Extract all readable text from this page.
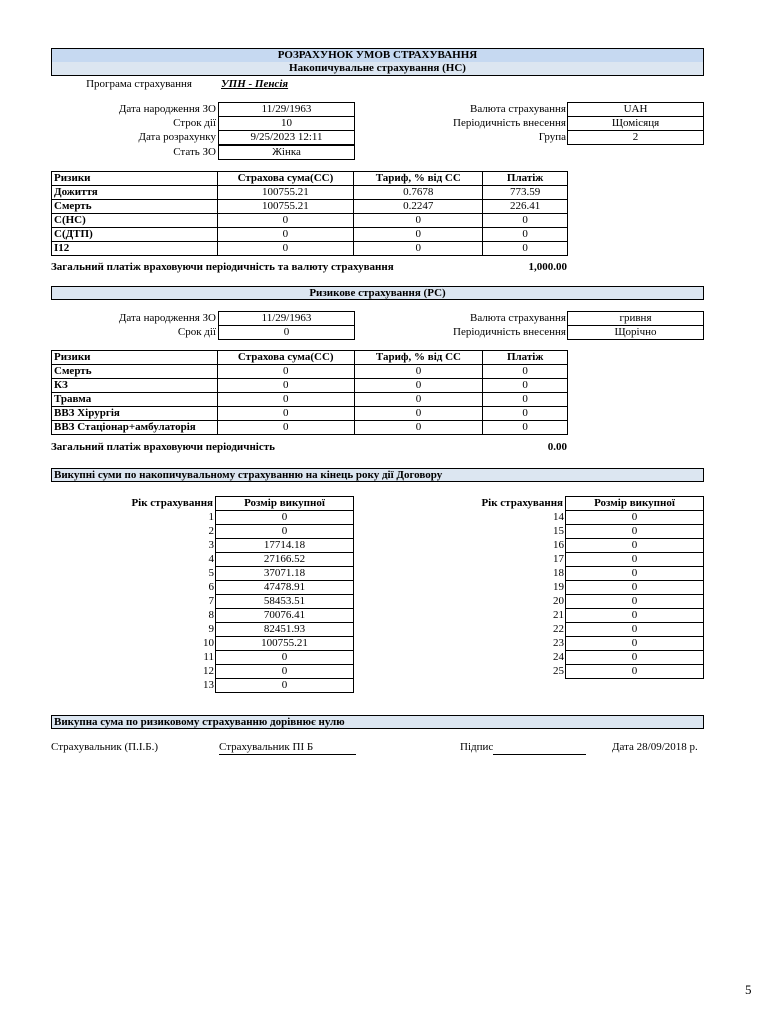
РОЗРАХУНОК УМОВ СТРАХУВАННЯ
Накопичувальне страхування (НС)
Програма страхування	УПН - Пенсія
Дата народження ЗО	11/29/1963
Строк дії	10
Дата розрахунку	9/25/2023 12:11
Стать ЗО	Жінка
Валюта страхування	UAH
Періодичність внесення	Щомісяця
Група	2
Ризики	Страхова сума(СС)	Тариф, % від СС	Платіж
Дожиття	100755.21	0.7678	773.59
Смерть	100755.21	0.2247	226.41
С(НС)	0	0	0
С(ДТП)	0	0	0
І12	0	0	0
Загальний платіж враховуючи періодичність та валюту страхування	1,000.00
Ризикове страхування (РС)
Дата народження ЗО	11/29/1963
Срок дії	0
Валюта страхування	гривня
Періодичність внесення	Щорічно
Ризики	Страхова сума(СС)	Тариф, % від СС	Платіж
Смерть	0	0	0
КЗ	0	0	0
Травма	0	0	0
ВВЗ Хірургія	0	0	0
ВВЗ Стаціонар+амбулаторія	0	0	0
Загальний платіж враховуючи періодичність	0.00
Викупні суми по накопичувальному страхуванню на кінець року дії Договору
Рік страхування	Розмір викупної
1	0
2	0
3	17714.18
4	27166.52
5	37071.18
6	47478.91
7	58453.51
8	70076.41
9	82451.93
10	100755.21
11	0
12	0
13	0
Рік страхування	Розмір викупної
14	0
15	0
16	0
17	0
18	0
19	0
20	0
21	0
22	0
23	0
24	0
25	0
Викупна сума по ризиковому страхуванню дорівнює нулю
Страхувальник (П.І.Б.)	Страхувальник ПІ Б	Підпис	Дата 28/09/2018 р.
5
